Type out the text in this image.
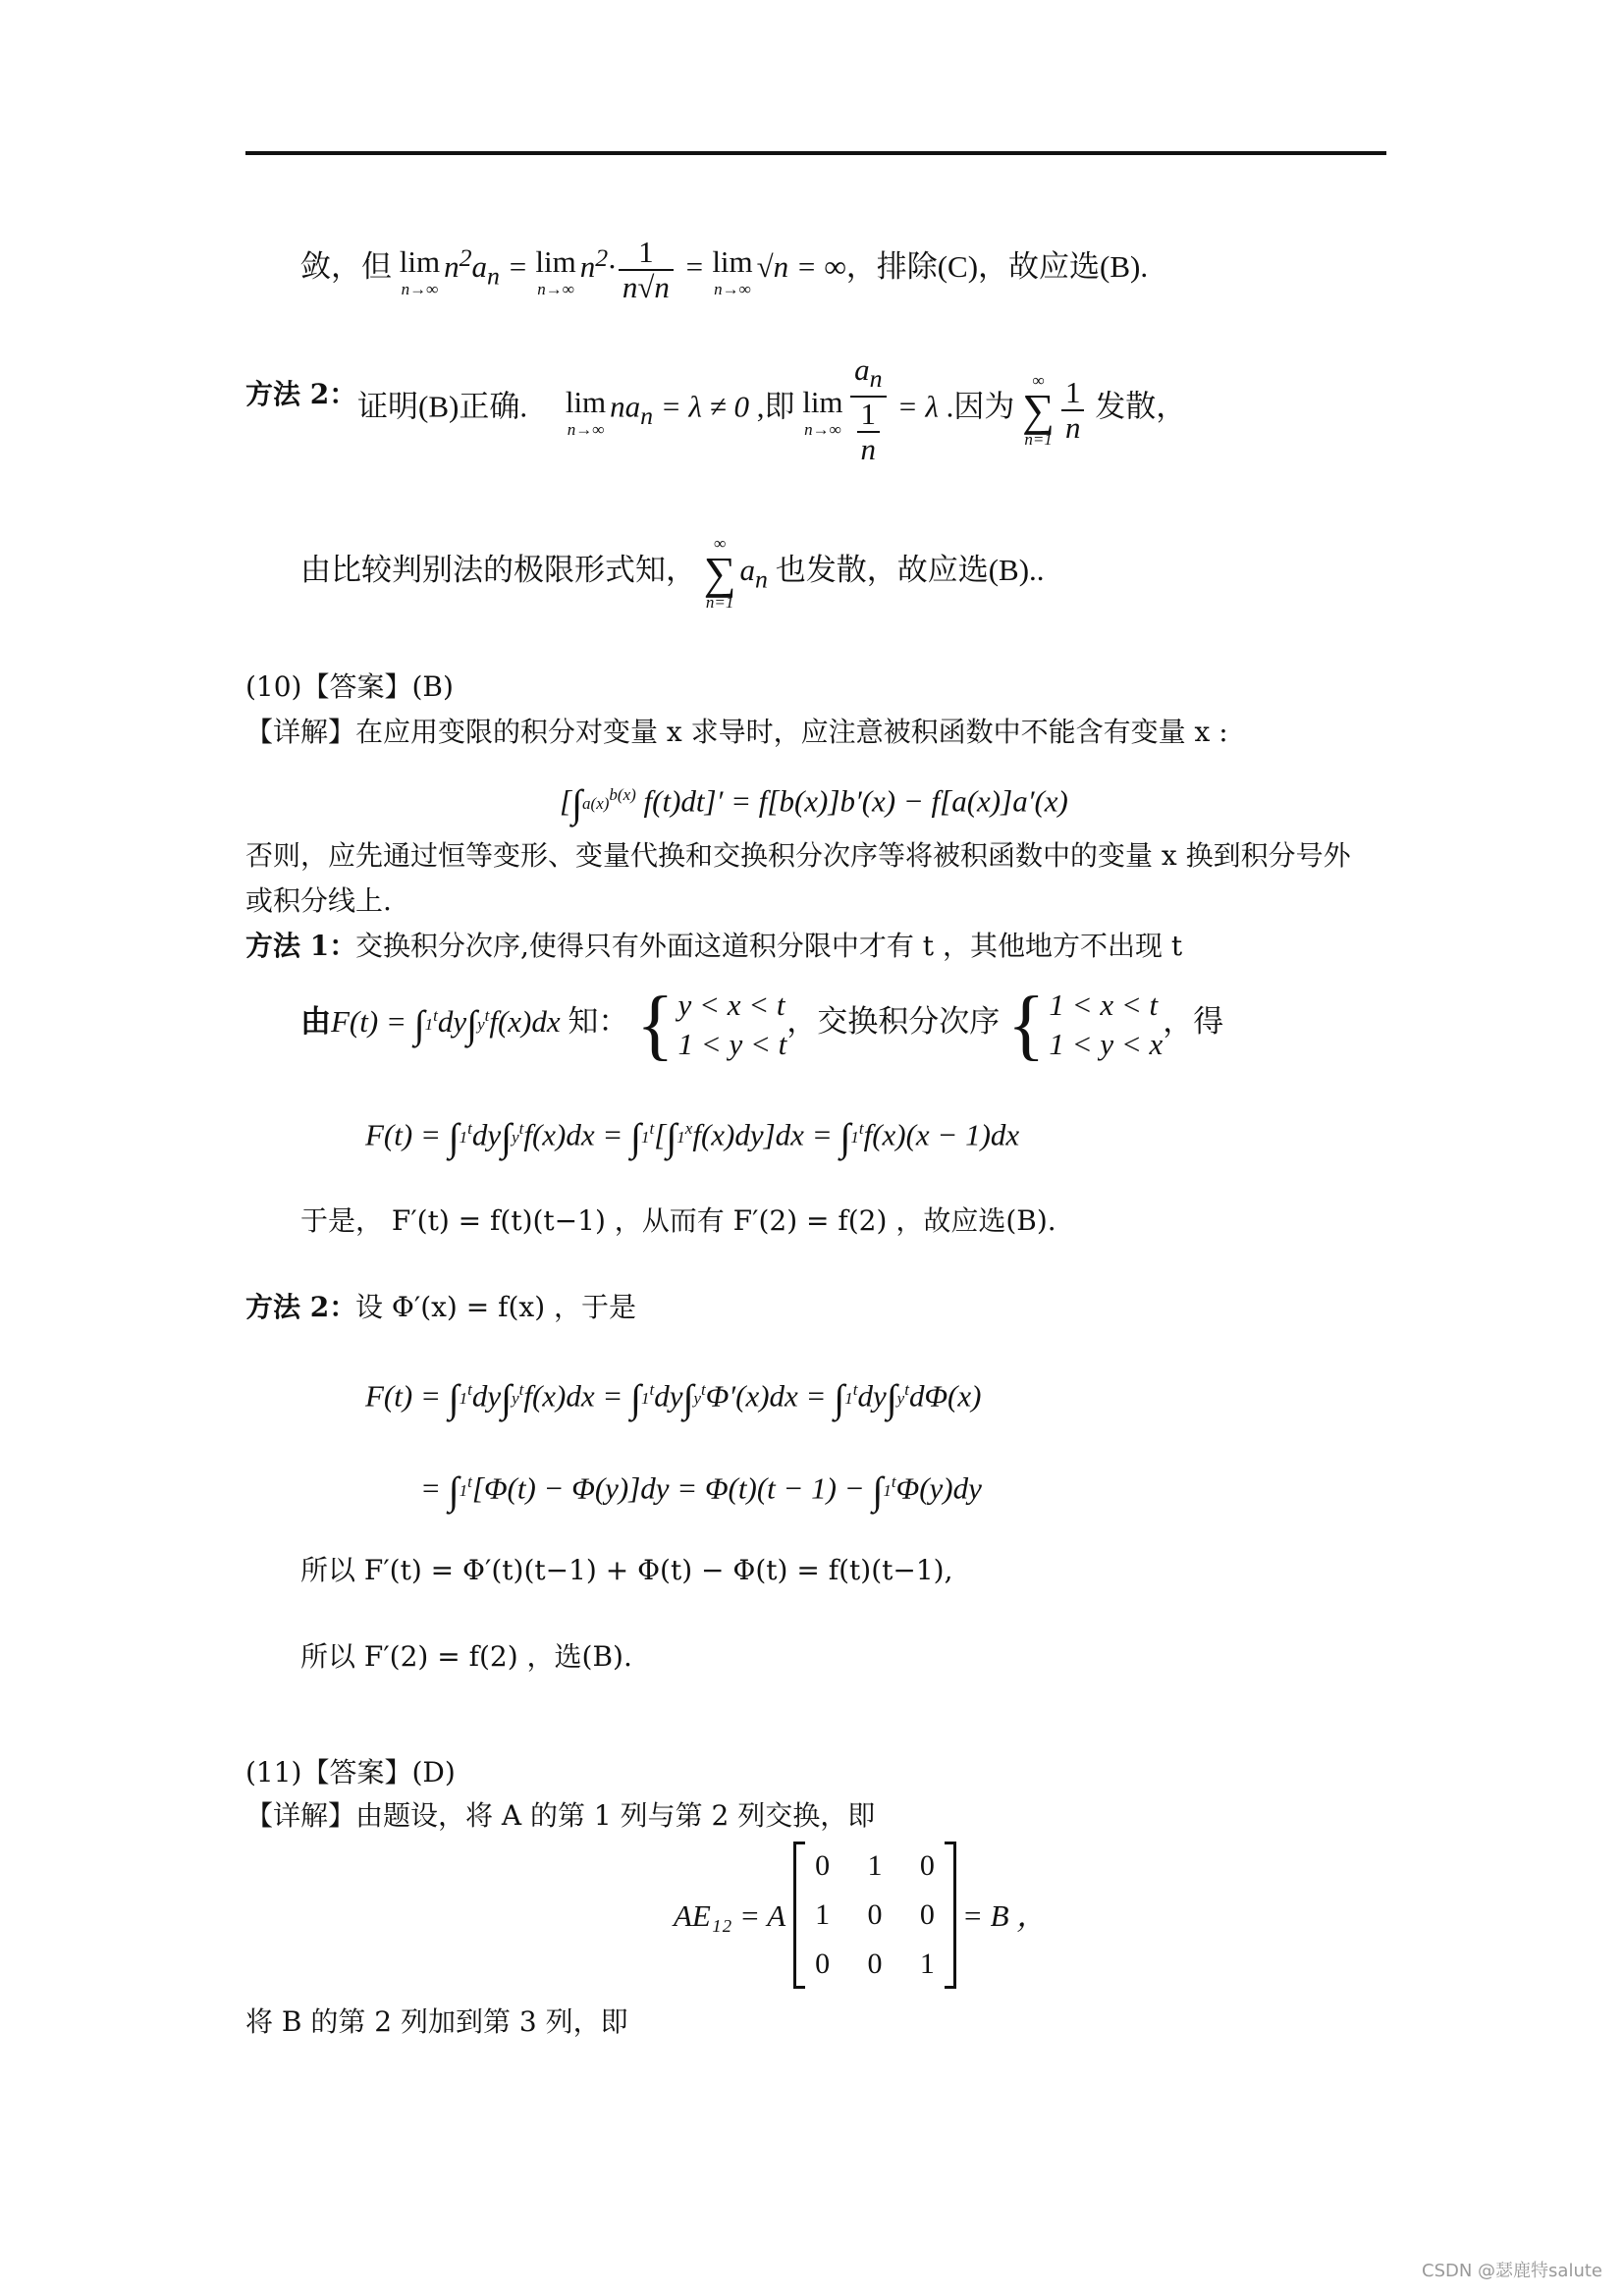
敛，但 lim
n→∞
$n^2a_n = \lim$
n→∞
$n^2\cdot \frac{1}{n√n} = \lim$
n→∞
√n = ∞，排除(C)，故应选(B).
方法 2： 证明(B)正确. lim
n→∞
$na_n = \lambda \ne 0$ ,即 lim
$n\to\infty \frac{a_n}{\frac{1}{n}} = \lambda$ .因为
∞
∑
$n=1 \frac{1}{n}$ 发散，
由比较判别法的极限形式知，
∞
∑
n=1
$a_n$ 也发散，故应选(B)..
(10)【答案】(B)
【详解】在应用变限的积分对变量 x 求导时，应注意被积函数中不能含有变量 x :
[$\int a(x)^{b(x)}$ f(t)dt]′ = f[b(x)]b′(x) − f[a(x)]a′(x)
否则，应先通过恒等变形、变量代换和交换积分次序等将被积函数中的变量 x 换到积分号外
或积分线上.
方法 1：
交换积分次序,使得只有外面这道积分限中才有 t ，其他地方不出现 t
由$F(t) = \int 1^tdy\int y^tf(x)dx$ 知： { y < x < t
1 < y < t
，交换积分次序 { 1 < x < t
1 < y < x
，得
$F(t) = \int 1^tdy\int y^tf(x)dx = \int 1^t[\int 1^xf(x)dy]dx = \int 1^tf(x)(x - 1)dx$
于是， F′(t) = f(t)(t−1) ，从而有 F′(2) = f(2) ，故应选(B).
方法 2：
设 Φ′(x) = f(x) ，于是
$F(t) = \int 1^tdy\int y^tf(x)dx = \int 1^tdy\int y^t\Phi'(x)dx = \int 1^tdy\int y^td\Phi(x)$
= $\int 1^t[\Phi(t) - \Phi(y)]dy = \Phi(t)(t - 1) - \int 1^t\Phi(y)dy$
所以 F′(t) = Φ′(t)(t−1) + Φ(t) − Φ(t) = f(t)(t−1),
所以 F′(2) = f(2) ，选(B).
(11)【答案】(D)
【详解】由题设，将 A 的第 1 列与第 2 列交换，即
AE₁₂ = A
0 1 0
1 0 0
0 0 1
= B ，
将 B 的第 2 列加到第 3 列，即
CSDN @瑟鹿特salute
